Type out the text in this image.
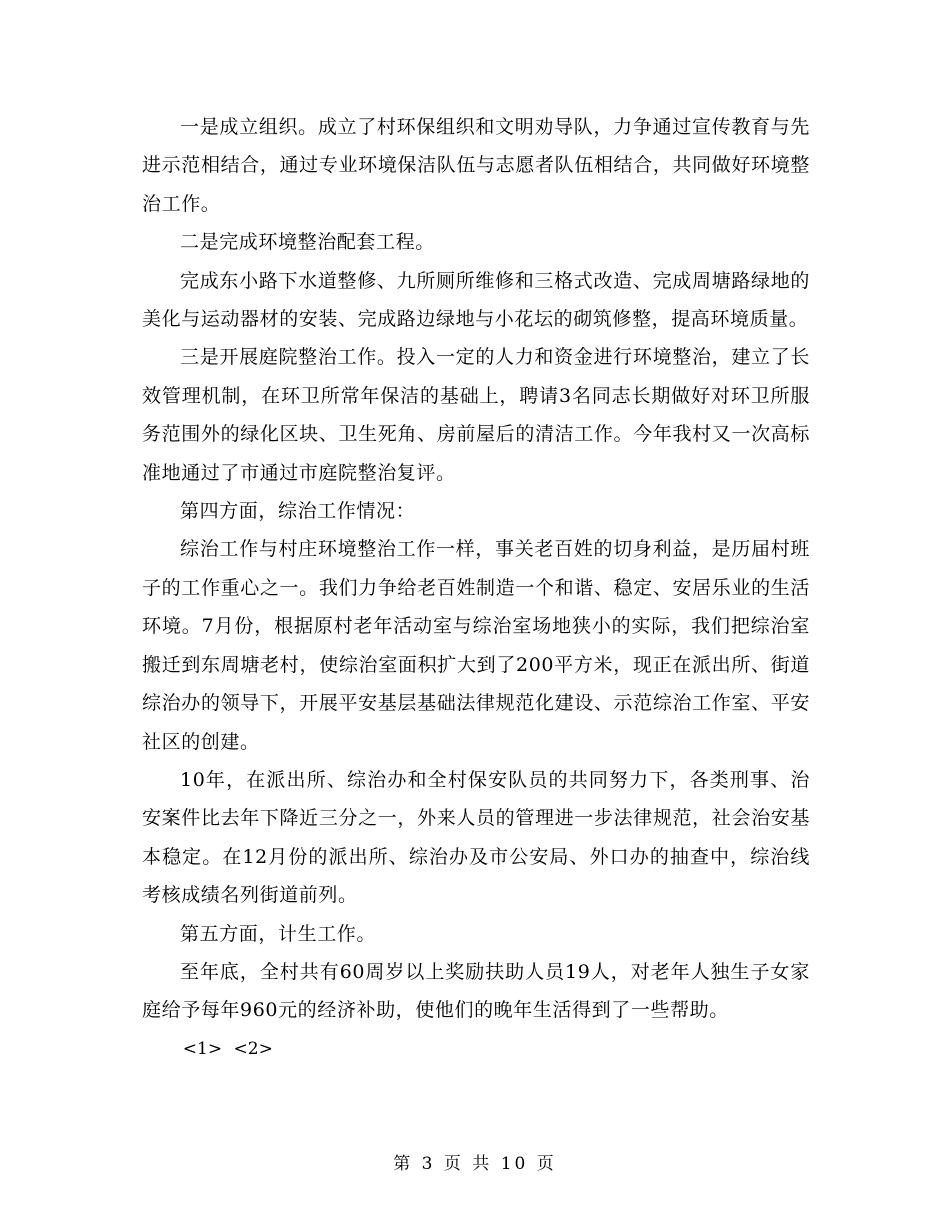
一是成立组织。成立了村环保组织和文明劝导队，力争通过宣传教育与先进示范相结合，通过专业环境保洁队伍与志愿者队伍相结合，共同做好环境整治工作。

二是完成环境整治配套工程。

完成东小路下水道整修、九所厕所维修和三格式改造、完成周塘路绿地的美化与运动器材的安装、完成路边绿地与小花坛的砌筑修整，提高环境质量。

三是开展庭院整治工作。投入一定的人力和资金进行环境整治，建立了长效管理机制，在环卫所常年保洁的基础上，聘请3名同志长期做好对环卫所服务范围外的绿化区块、卫生死角、房前屋后的清洁工作。今年我村又一次高标准地通过了市通过市庭院整治复评。

第四方面，综治工作情况：

综治工作与村庄环境整治工作一样，事关老百姓的切身利益，是历届村班子的工作重心之一。我们力争给老百姓制造一个和谐、稳定、安居乐业的生活环境。7月份，根据原村老年活动室与综治室场地狭小的实际，我们把综治室搬迁到东周塘老村，使综治室面积扩大到了200平方米，现正在派出所、街道综治办的领导下，开展平安基层基础法律规范化建设、示范综治工作室、平安社区的创建。

10年，在派出所、综治办和全村保安队员的共同努力下，各类刑事、治安案件比去年下降近三分之一，外来人员的管理进一步法律规范，社会治安基本稳定。在12月份的派出所、综治办及市公安局、外口办的抽查中，综治线考核成绩名列街道前列。

第五方面，计生工作。

至年底，全村共有60周岁以上奖励扶助人员19人，对老年人独生子女家庭给予每年960元的经济补助，使他们的晚年生活得到了一些帮助。

<1> <2>

第 3 页 共 10 页
